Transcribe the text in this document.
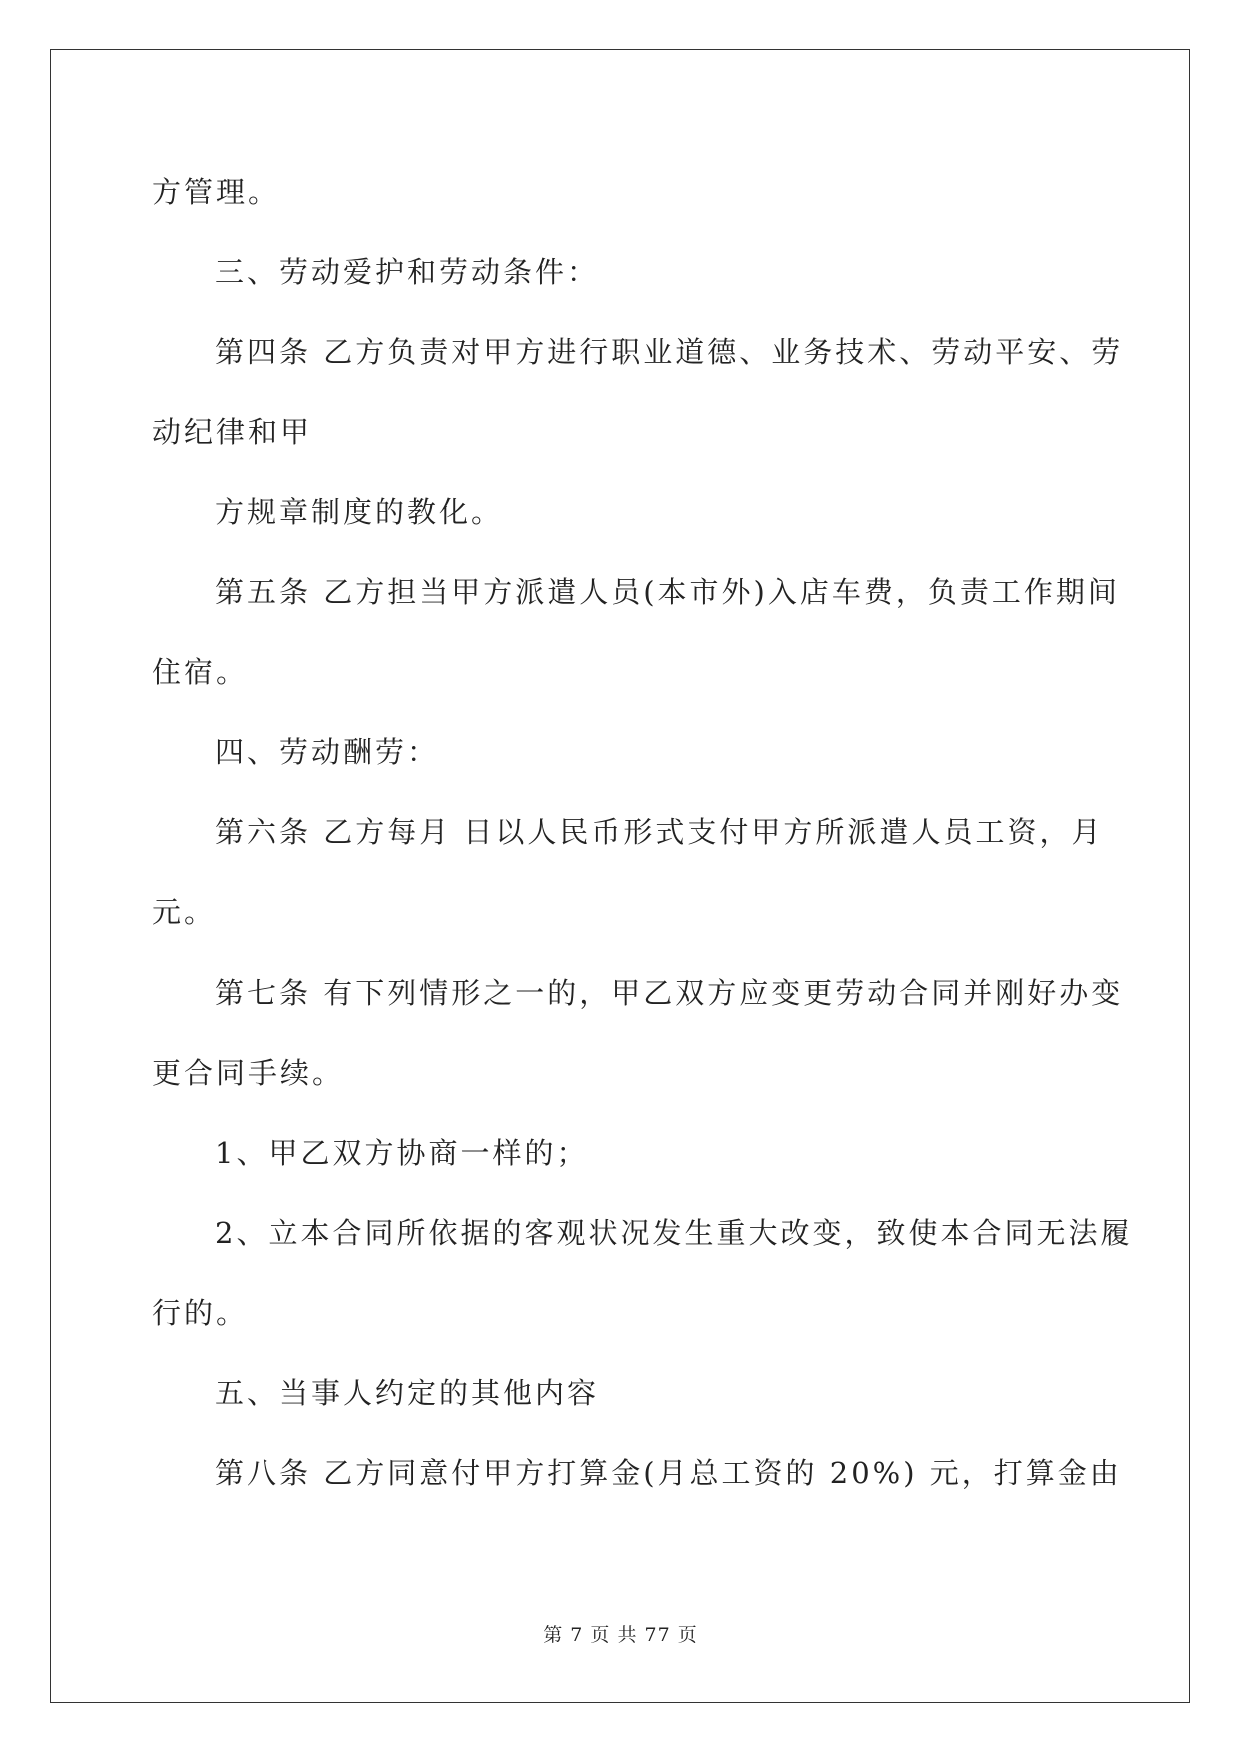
方管理。
三、劳动爱护和劳动条件：
第四条 乙方负责对甲方进行职业道德、业务技术、劳动平安、劳
动纪律和甲
方规章制度的教化。
第五条 乙方担当甲方派遣人员(本市外)入店车费，负责工作期间
住宿。
四、劳动酬劳：
第六条 乙方每月 日以人民币形式支付甲方所派遣人员工资，月
元。
第七条 有下列情形之一的，甲乙双方应变更劳动合同并刚好办变
更合同手续。
1、甲乙双方协商一样的；
2、立本合同所依据的客观状况发生重大改变，致使本合同无法履
行的。
五、当事人约定的其他内容
第八条 乙方同意付甲方打算金(月总工资的 20%) 元，打算金由
第 7 页 共 77 页
